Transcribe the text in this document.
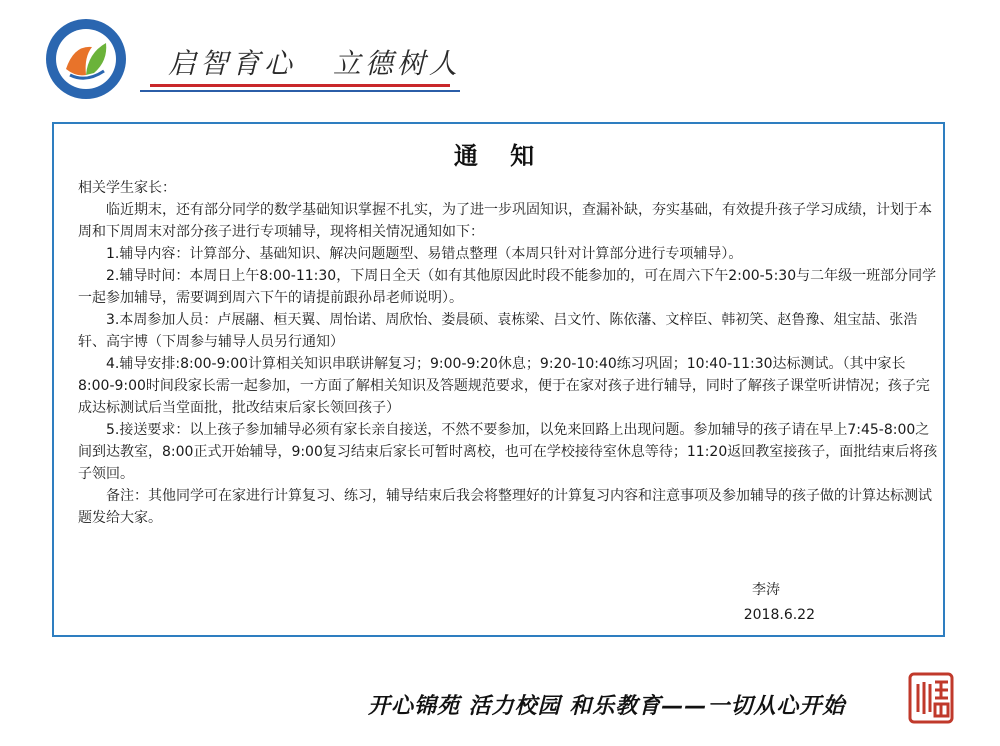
启智育心 立德树人
通 知

相关学生家长：

临近期末，还有部分同学的数学基础知识掌握不扎实，为了进一步巩固知识，查漏补缺，夯实基础，有效提升孩子学习成绩，计划于本周和下周周末对部分孩子进行专项辅导，现将相关情况通知如下：

1.辅导内容：计算部分、基础知识、解决问题题型、易错点整理（本周只针对计算部分进行专项辅导）。

2.辅导时间：本周日上午8:00-11:30，下周日全天（如有其他原因此时段不能参加的，可在周六下午2:00-5:30与二年级一班部分同学一起参加辅导，需要调到周六下午的请提前跟孙昂老师说明）。

3.本周参加人员：卢展翮、桓天翼、周怡诺、周欣怡、娄晨硕、袁栋梁、吕文竹、陈依藩、文梓臣、韩初笑、赵鲁豫、俎宝喆、张浩轩、高宇博（下周参与辅导人员另行通知）

4.辅导安排:8:00-9:00计算相关知识串联讲解复习；9:00-9:20休息；9:20-10:40练习巩固；10:40-11:30达标测试。（其中家长8:00-9:00时间段家长需一起参加，一方面了解相关知识及答题规范要求，便于在家对孩子进行辅导，同时了解孩子课堂听讲情况；孩子完成达标测试后当堂面批，批改结束后家长领回孩子）

5.接送要求：以上孩子参加辅导必须有家长亲自接送，不然不要参加，以免来回路上出现问题。参加辅导的孩子请在早上7:45-8:00之间到达教室，8:00正式开始辅导，9:00复习结束后家长可暂时离校，也可在学校接待室休息等待；11:20返回教室接孩子，面批结束后将孩子领回。

备注：其他同学可在家进行计算复习、练习，辅导结束后我会将整理好的计算复习内容和注意事项及参加辅导的孩子做的计算达标测试题发给大家。

李涛
2018.6.22
开心锦苑 活力校园 和乐教育——一切从心开始
